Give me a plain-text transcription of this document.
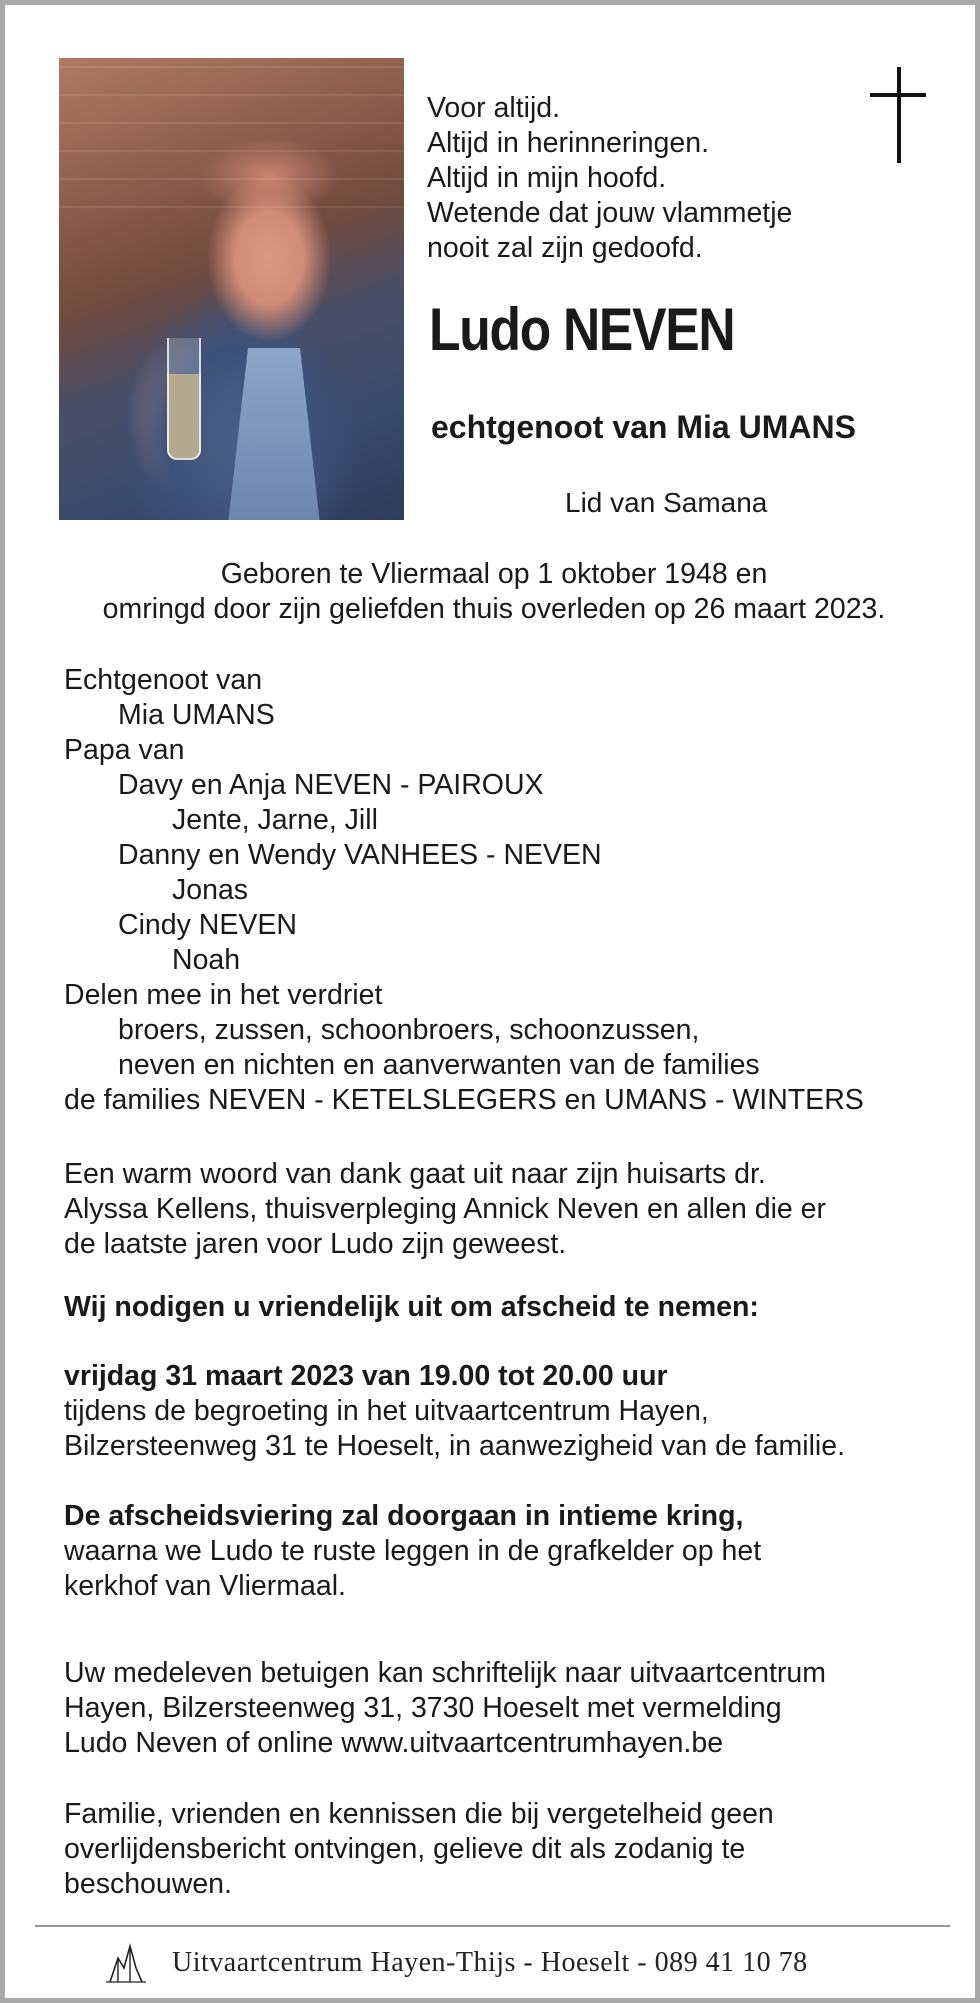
Voor altijd.
Altijd in herinneringen.
Altijd in mijn hoofd.
Wetende dat jouw vlammetje
nooit zal zijn gedoofd.
Ludo NEVEN
echtgenoot van Mia UMANS
Lid van Samana
Geboren te Vliermaal op 1 oktober 1948 en
omringd door zijn geliefden thuis overleden op 26 maart 2023.
Echtgenoot van
Mia UMANS
Papa van
Davy en Anja NEVEN - PAIROUX
Jente, Jarne, Jill
Danny en Wendy VANHEES - NEVEN
Jonas
Cindy NEVEN
Noah
Delen mee in het verdriet
broers, zussen, schoonbroers, schoonzussen,
neven en nichten en aanverwanten van de families
de families NEVEN - KETELSLEGERS en UMANS - WINTERS
Een warm woord van dank gaat uit naar zijn huisarts dr.
Alyssa Kellens, thuisverpleging Annick Neven en allen die er
de laatste jaren voor Ludo zijn geweest.
Wij nodigen u vriendelijk uit om afscheid te nemen:
vrijdag 31 maart 2023 van 19.00 tot 20.00 uur
tijdens de begroeting in het uitvaartcentrum Hayen,
Bilzersteenweg 31 te Hoeselt, in aanwezigheid van de familie.
De afscheidsviering zal doorgaan in intieme kring,
waarna we Ludo te ruste leggen in de grafkelder op het
kerkhof van Vliermaal.
Uw medeleven betuigen kan schriftelijk naar uitvaartcentrum
Hayen, Bilzersteenweg 31, 3730 Hoeselt met vermelding
Ludo Neven of online www.uitvaartcentrumhayen.be
Familie, vrienden en kennissen die bij vergetelheid geen
overlijdensbericht ontvingen, gelieve dit als zodanig te
beschouwen.
Uitvaartcentrum Hayen-Thijs - Hoeselt - 089 41 10 78
